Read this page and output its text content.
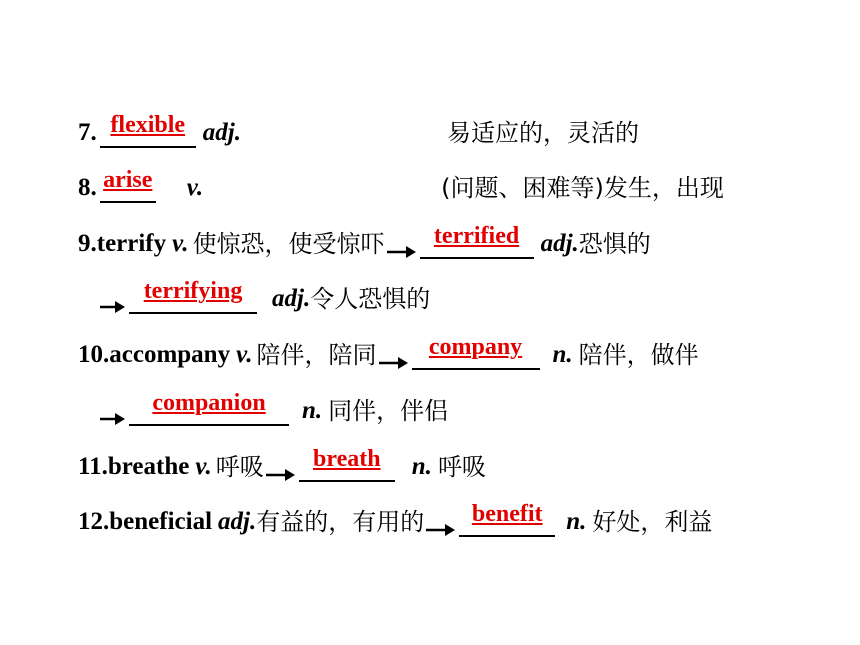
7. flexible adj.	易适应的，灵活的
8. arise v.	(问题、困难等)发生，出现
9. terrify v. 使惊恐，使受惊吓	terrified adj. 恐惧的
terrifying	adj. 令人恐惧的
10. accompany v. 陪伴，陪同	company	n. 陪伴，做伴
companion	n. 同伴，伴侣
11. breathe v. 呼吸	breath	n. 呼吸
12. beneficial adj. 有益的，有用的	benefit n. 好处，利益
